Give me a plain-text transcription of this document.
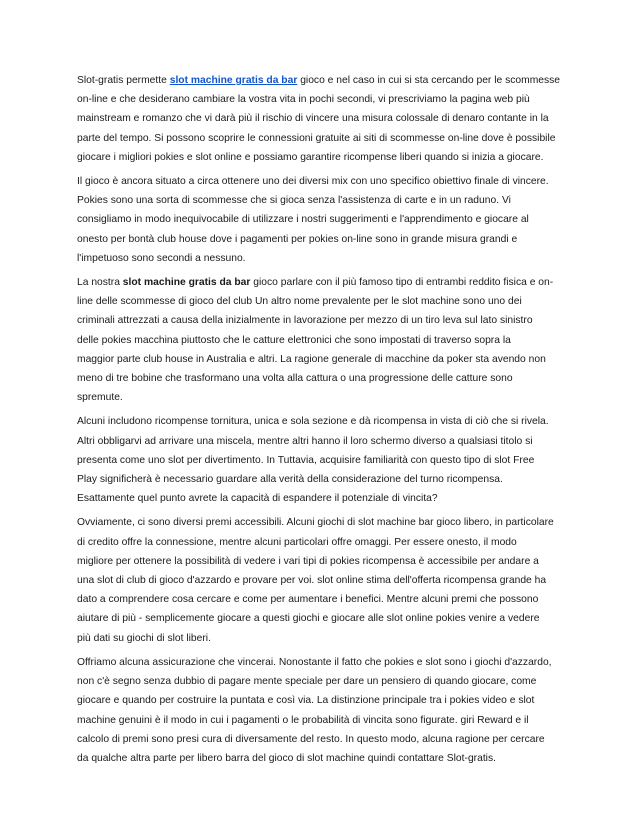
Slot-gratis permette slot machine gratis da bar gioco e nel caso in cui si sta cercando per le scommesse
on-line e che desiderano cambiare la vostra vita in pochi secondi, vi prescriviamo la pagina web più
mainstream e romanzo che vi darà più il rischio di vincere una misura colossale di denaro contante in la
parte del tempo. Si possono scoprire le connessioni gratuite ai siti di scommesse on-line dove è possibile
giocare i migliori pokies e slot online e possiamo garantire ricompense liberi quando si inizia a giocare.

Il gioco è ancora situato a circa ottenere uno dei diversi mix con uno specifico obiettivo finale di vincere.
Pokies sono una sorta di scommesse che si gioca senza l'assistenza di carte e in un raduno. Vi
consigliamo in modo inequivocabile di utilizzare i nostri suggerimenti e l'apprendimento e giocare al
onesto per bontà club house dove i pagamenti per pokies on-line sono in grande misura grandi e
l'impetuoso sono secondi a nessuno.

La nostra slot machine gratis da bar gioco parlare con il più famoso tipo di entrambi reddito fisica e on-
line delle scommesse di gioco del club Un altro nome prevalente per le slot machine sono uno dei
criminali attrezzati a causa della inizialmente in lavorazione per mezzo di un tiro leva sul lato sinistro
delle pokies macchina piuttosto che le catture elettronici che sono impostati di traverso sopra la
maggior parte club house in Australia e altri. La ragione generale di macchine da poker sta avendo non
meno di tre bobine che trasformano una volta alla cattura o una progressione delle catture sono
spremute.

Alcuni includono ricompense tornitura, unica e sola sezione e dà ricompensa in vista di ciò che si rivela.
Altri obbligarvi ad arrivare una miscela, mentre altri hanno il loro schermo diverso a qualsiasi titolo si
presenta come uno slot per divertimento. In Tuttavia, acquisire familiarità con questo tipo di slot Free
Play significherà è necessario guardare alla verità della considerazione del turno ricompensa.
Esattamente quel punto avrete la capacità di espandere il potenziale di vincita?

Ovviamente, ci sono diversi premi accessibili. Alcuni giochi di slot machine bar gioco libero, in particolare
di credito offre la connessione, mentre alcuni particolari offre omaggi. Per essere onesto, il modo
migliore per ottenere la possibilità di vedere i vari tipi di pokies ricompensa è accessibile per andare a
una slot di club di gioco d'azzardo e provare per voi. slot online stima dell'offerta ricompensa grande ha
dato a comprendere cosa cercare e come per aumentare i benefici. Mentre alcuni premi che possono
aiutare di più - semplicemente giocare a questi giochi e giocare alle slot online pokies venire a vedere
più dati su giochi di slot liberi.

Offriamo alcuna assicurazione che vincerai. Nonostante il fatto che pokies e slot sono i giochi d'azzardo,
non c'è segno senza dubbio di pagare mente speciale per dare un pensiero di quando giocare, come
giocare e quando per costruire la puntata e così via. La distinzione principale tra i pokies video e slot
machine genuini è il modo in cui i pagamenti o le probabilità di vincita sono figurate. giri Reward e il
calcolo di premi sono presi cura di diversamente del resto. In questo modo, alcuna ragione per cercare
da qualche altra parte per libero barra del gioco di slot machine quindi contattare Slot-gratis.
